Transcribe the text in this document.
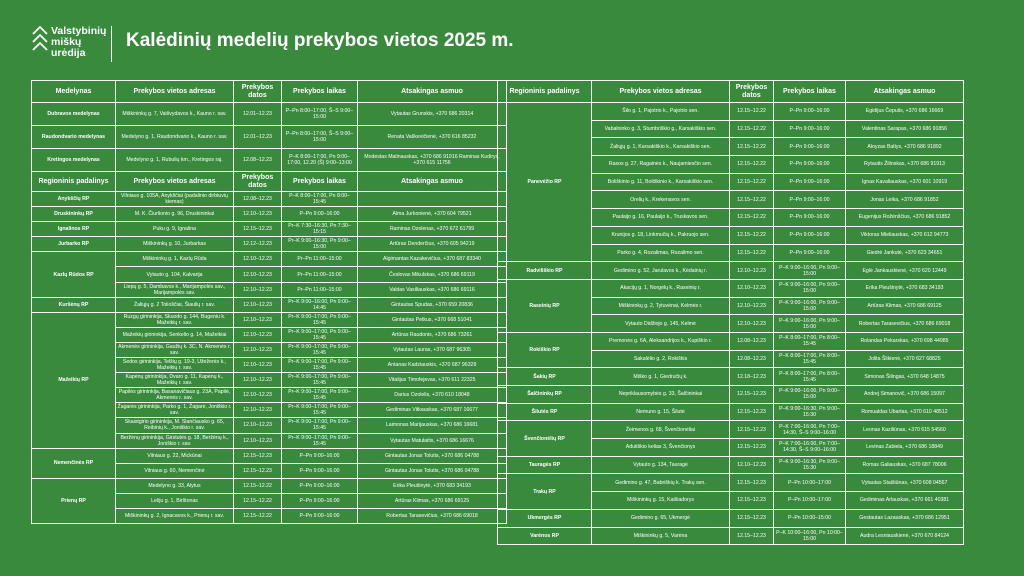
Valstybinių
miškų
urėdija
Kalėdinių medelių prekybos vietos 2025 m.
Medelynas	Prekybos vietos adresas	Prekybos datos	Prekybos laikas	Atsakingas asmuo
Dubravos medelynas	Miškininkų g. 7, Vaišvydavos k., Kauno r. sav.	12.01–12.23	P–Pn 8:00–17:00, Š–S 9:00–15:00	Vytautas Grunskis, +370 686 20314
Raudondvario medelynas	Medelyno g. 1, Raudondvario k., Kauno r. sav.	12.01–12.23	P–Pn 8:00–17:00, Š–S 9:00–15:00	Renata Vaškevičienė, +370 616 85232
Kretingos medelynas	Medelyno g. 1, Rubulių km., Kretingos raj.	12.08–12.23	P–K 8:00–17:00, Pn 9:00–17:00, 12.20 (Š) 9:00–13:00	Modestas Malinauskas, +370 686 91916 Raminas Kudirys, +370 615 11756
Regioninis padalinys	Prekybos vietos adresas	Prekybos datos	Prekybos laikas	Atsakingas asmuo
Anykščių RP	Vilniaus g. 105A, Anykščiai (padalinio dirbtuvių kiemas)	12.08–12.23	P–K 8:00–17:00, Pn 8:00–15:45	
Druskininkų RP	M. K. Čiurlionio g. 96, Druskininkai	12.10–12.23	P–Pn 9:00–16:00	Alma Jurkonienė, +370 604 79521
Ignalinos RP	Puku g. 9, Ignalina	12.15–12.23	Pr–K 7:30–16:30, Pn 7:30–15:15	Raminas Ozelenas, +370 672 61799
Jurbarko RP	Miškininkų g. 10, Jurbarkas	12.12–12.23	Pr–K 9:00–16:30, Pn 9:00–15:00	Artūras Denderčius, +370 605 94219
Kazlų Rūdos RP	Miškininkų g. 1, Kazlų Rūda	12.10–12.23	Pr–Pn 11:00–15:00	Algimantas Kazakevičius, +370 687 83340
	Vytauto g. 104, Kalvarija	12.10–12.23	Pr–Pn 11:00–15:00	Česlovas Mikulskas, +370 686 69119
	Liepų g. 5, Dambavos k., Marijampolės sav., Marijampolės sav.	12.10–12.23	Pr–Pn 11:00–15:00	Valdas Vasiliauskas, +370 686 69116
Kuršėnų RP	Žaliųjų g. 2 Tolioščiai, Šiaulių r. sav.	12.10–12.23	Pr–K 9:00–16:00, Pn 9:00–14:45	Gintautas Spudas, +370 659 20836
Mažeikių RP	Ruzgų girininkija, Skuodo g. 144, Bugeniu k. Mažeikių r. sav.	12.10–12.23	Pr–K 9:00–17:00, Pn 9:00–15:45	Gintautas Petkus, +370 668 51041
	Mažeikių girininkija, Senkelio g. 14, Mažeikiai	12.10–12.23	Pr–K 9:00–17:00, Pn 9:00–15:45	Artūras Raudonis, +370 686 73261
	Akmenės girininkija, Gaužių k. 3C, N. Akmenės r. sav.	12.10–12.23	Pr–K 9:00–17:00, Pn 9:00–15:45	Vytautas Lauras, +370 687 96305
	Sedos girininkija, Telšių g. 19-3, Užežerės k., Mažeikių r. sav.	12.10–12.23	Pr–K 9:00–17:00, Pn 9:00–15:45	Antanas Kadziauskis, +370 687 96329
	Kapėnų girininkija, Dvaro g. 11, Kapėnų k., Mažeikių r. sav.	12.10–12.23	Pr–K 9:00–17:00, Pn 9:00–15:45	Vitalijus Timofejevas, +370 611 22325
	Papilės girininkija, Basanavičiaus g. 23A, Papilė, Akmenės r. sav.	12.10–12.23	Pr–K 9:00–17:00, Pn 9:00–15:45	Darius Ozolelis, +370 610 18048
	Žagarės girininkija, Parko g. 1, Žagarė, Joniškio r. sav.	12.10–12.23	Pr–K 9:00–17:00, Pn 9:00–15:45	Gediminas Vitkauskas, +370 687 16677
	Skaistgirio girininkija, M. Slančiausko g. 65, Reibinių k., Joniškio r. sav.	12.10–12.23	Pr–K 9:00–17:00, Pn 9:00–15:45	Laimonas Marijauskas, +370 686 16681
	Beržėnų girininkija, Girstutės g. 18, Beržėnų k., Joniškio r. sav.	12.10–12.23	Pr–K 9:00–17:00, Pn 9:00–15:45	Vytautas Matulaitis, +370 686 16676
Nemenčinės RP	Vilniaus g. 22, Mickūnai	12.15–12.23	P–Pn 9:00–16:00	Gintautas Jonas Tolutis, +370 686 04788
	Vilniaus g. 60, Nemenčinė	12.15–12.23	P–Pn 9:00–16:00	Gintautas Jonas Tolutis, +370 686 04788
Prienų RP	Medelyno g. 33, Alytus	12.15–12.22	P–Pn 9:00–16:00	Erika Pleušinytė, +370 683 34193
	Leliju g. 1, Birštonas	12.15–12.22	P–Pn 9:00–16:00	Artūras Klimas, +370 686 69125
	Miškininkų g. 2, Ignacavos k., Prienų r. sav.	12.15–12.22	P–Pn 9:00–16:00	Robertas Tarasevičius, +370 686 69018
Regioninis padalinys	Prekybos vietos adresas	Prekybos datos	Prekybos laikas	Atsakingas asmuo
Panevėžio RP	Šilo g. 1, Pajotrio k., Pajotrio sen.	12.15–12.22	P–Pn 9:00–16:00	Egidijus Čepulis, +370 686 16669
	Vabalninko g. 3, Stumbriškio g., Karsakiškio sen.	12.15–12.22	P–Pn 9:00–16:00	Valentinas Sarapas, +370 686 91856
	Žaliųjų g. 1, Karsakiškio k., Karsakiškio sen.	12.15–12.22	P–Pn 9:00–16:00	Aloyzas Baltys, +370 686 91892
	Rasos g. 27, Ragainės k., Naujamiesčio sen.	12.15–12.22	P–Pn 9:00–16:00	Rytautis Žilinskas, +370 686 91913
	Boliškinio g. 11, Boliškinio k., Karsakiškio sen.	12.15–12.22	P–Pn 9:00–16:00	Ignas Kavaliauskas, +370 601 10919
	Orelių k., Krekenavos sen.	12.15–12.22	P–Pn 9:00–16:00	Jonas Leika, +370 686 91852
	Paulaijo g. 16, Paulaijo k., Truskavos sen.	12.15–12.22	P–Pn 9:00–16:00	Eugenijus Rožėnščius, +370 686 91852
	Krunijos g. 18, Linkmučių k., Pakruojo sen.	12.15–12.22	P–Pn 9:00–16:00	Viktoras Mieliauskas, +370 612 94773
	Parko g. 4, Rozalimas, Rozalimo sen.	12.15–12.22	P–Pn 9:00–16:00	Giedrė Jankutė, +370 623 34651
Radviliškio RP	Gedimino g. 52, Jarulavos k., Kėdainių r.	12.10–12.23	P–K 9:00–16:00, Pn 9:00–15:00	Eglė Jankauskienė, +370 620 12449
Raseinių RP	Akacijų g. 1, Norgėlų k., Raseinių r.	12.10–12.23	P–K 9:00–16:00, Pn 9:00–15:00	Erika Pleušinytė, +370 683 34193
	Miškininkų g. 2, Tytuvėnai, Kelmės r.	12.10–12.23	P–K 9:00–16:00, Pn 9:00–15:00	Artūras Klimas, +370 686 69125
	Vytauto Didžiojo g. 145, Kelmė	12.10–12.23	P–K 9:00–16:00, Pn 9:00–15:00	Robertas Tarasevičius, +370 686 69018
Rokiškio RP	Premonės g. 6A, Aleksandrijos k., Kupiškio r.	12.08–12.23	P–K 8:00–17:00, Pn 8:00–15:45	Rolandas Pekarskas, +370 698 44985
	Sakalėlio g. 2, Rokiškis	12.08–12.23	P–K 8:00–17:00, Pn 8:00–15:45	Jolita Šlikienė, +370 627 68825
Šakių RP	Miško g. 1, Giedručių k.	12.18–12.23	P–K 8:00–17:00, Pn 8:00–15:45	Simonas Šilingas, +370 648 14875
Šalčininkų RP	Nepriklausomybės g. 33, Šalčininkai	12.15–12.23	P–K 9:00–16:00, Pn 9:00–15:00	Andrej Simanovič, +370 686 15097
Šilutės RP	Nemuno g. 15, Šilutė	12.15–12.23	P–K 9:00–16:30, Pn 9:00–15:30	Romualdas Ubartas, +370 610 48512
Švenčionėlių RP	Žeimenos g. 68, Švenčionėliai	12.15–12.23	P–K 7:00–16:00, Pn 7:00–14:30, Š–S 9:00–16:00	Leonas Kaziliūnas, +370 615 54560
	Adutiškio kelias 3, Švenčionys	12.15–12.23	P–K 7:00–16:00, Pn 7:00–14:30, Š–S 9:00–16:00	Levinas Zabiela, +370 686 18849
Tauragės RP	Vytauto g. 134, Tauragė	12.10–12.23	P–K 9:00–16:30, Pn 9:00–15:30	Romas Galiauskas, +370 687 78006
Trakų RP	Gedimino g. 47, Babriškių k. Trakų sen.	12.15–12.23	P–Pn 10:00–17:00	Vytautas Staišiūnas, +370 608 04567
	Miškininkų g. 15, Kaišiadorys	12.15–12.23	P–Pn 10:00–17:00	Gediminas Arlauskas, +370 661 40381
Ukmergės RP	Gedimino g. 65, Ukmergė	12.15–12.23	P–Pn 10:00–15:00	Gestautas Lazauskas, +370 686 12951
Varėnos RP	Miškininkų g. 5, Varėna	12.15–12.23	P–K 10:00–16:00, Pn 10:00–15:00	Audra Lesniauskienė, +370 670 84124
